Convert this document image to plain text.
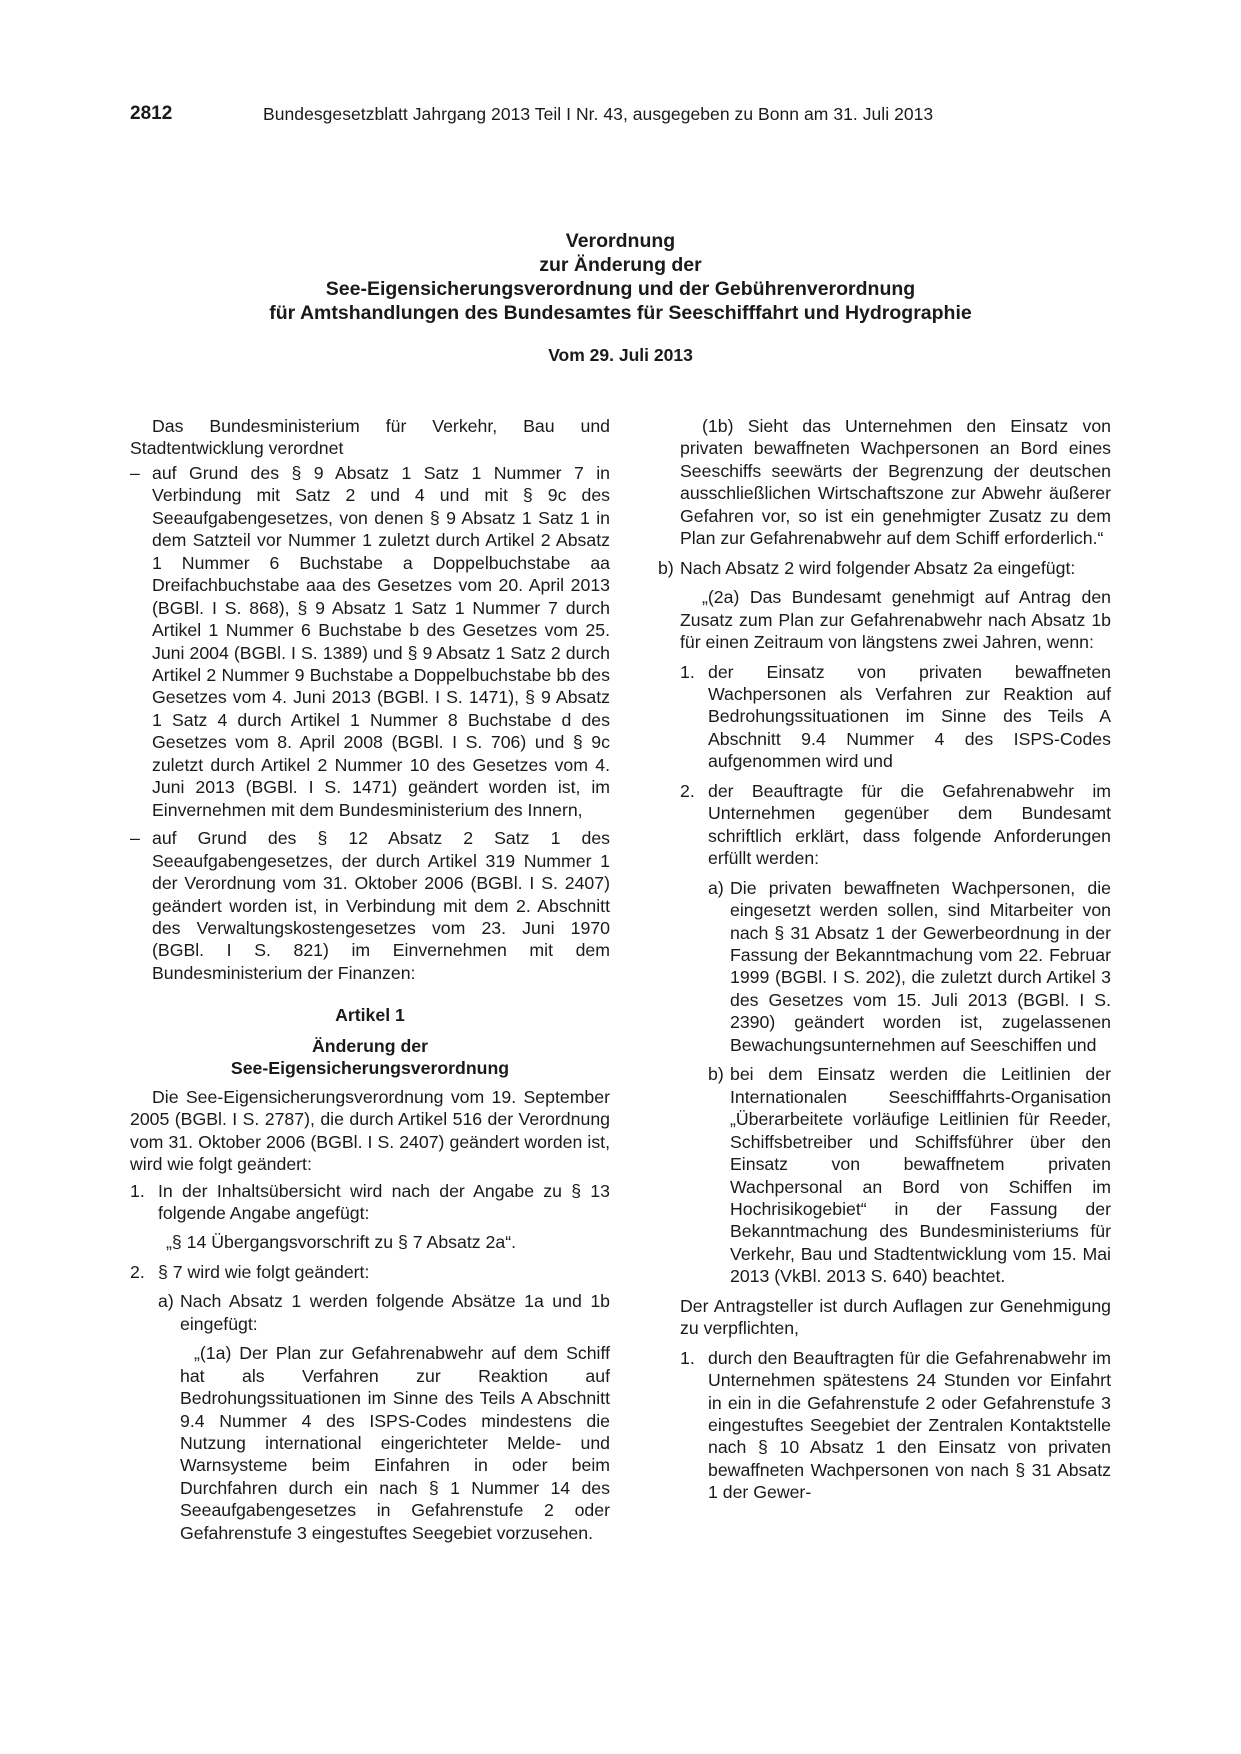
2812	Bundesgesetzblatt Jahrgang 2013 Teil I Nr. 43, ausgegeben zu Bonn am 31. Juli 2013
Verordnung
zur Änderung der
See-Eigensicherungsverordnung und der Gebührenverordnung
für Amtshandlungen des Bundesamtes für Seeschifffahrt und Hydrographie
Vom 29. Juli 2013

Das Bundesministerium für Verkehr, Bau und Stadtentwicklung verordnet

– auf Grund des § 9 Absatz 1 Satz 1 Nummer 7 in Verbindung mit Satz 2 und 4 und mit § 9c des Seeaufgabengesetzes, von denen § 9 Absatz 1 Satz 1 in dem Satzteil vor Nummer 1 zuletzt durch Artikel 2 Absatz 1 Nummer 6 Buchstabe a Doppelbuchstabe aa Dreifachbuchstabe aaa des Gesetzes vom 20. April 2013 (BGBl. I S. 868), § 9 Absatz 1 Satz 1 Nummer 7 durch Artikel 1 Nummer 6 Buchstabe b des Gesetzes vom 25. Juni 2004 (BGBl. I S. 1389) und § 9 Absatz 1 Satz 2 durch Artikel 2 Nummer 9 Buchstabe a Doppelbuchstabe bb des Gesetzes vom 4. Juni 2013 (BGBl. I S. 1471), § 9 Absatz 1 Satz 4 durch Artikel 1 Nummer 8 Buchstabe d des Gesetzes vom 8. April 2008 (BGBl. I S. 706) und § 9c zuletzt durch Artikel 2 Nummer 10 des Gesetzes vom 4. Juni 2013 (BGBl. I S. 1471) geändert worden ist, im Einvernehmen mit dem Bundesministerium des Innern,
– auf Grund des § 12 Absatz 2 Satz 1 des Seeaufgabengesetzes, der durch Artikel 319 Nummer 1 der Verordnung vom 31. Oktober 2006 (BGBl. I S. 2407) geändert worden ist, in Verbindung mit dem 2. Abschnitt des Verwaltungskostengesetzes vom 23. Juni 1970 (BGBl. I S. 821) im Einvernehmen mit dem Bundesministerium der Finanzen:

Artikel 1

Änderung der

See-Eigensicherungsverordnung

Die See-Eigensicherungsverordnung vom 19. September 2005 (BGBl. I S. 2787), die durch Artikel 516 der Verordnung vom 31. Oktober 2006 (BGBl. I S. 2407) geändert worden ist, wird wie folgt geändert:

1. In der Inhaltsübersicht wird nach der Angabe zu § 13 folgende Angabe angefügt:

„§ 14 Übergangsvorschrift zu § 7 Absatz 2a“.

2. § 7 wird wie folgt geändert:
a) Nach Absatz 1 werden folgende Absätze 1a und 1b eingefügt:

„(1a) Der Plan zur Gefahrenabwehr auf dem Schiff hat als Verfahren zur Reaktion auf Bedrohungssituationen im Sinne des Teils A Abschnitt 9.4 Nummer 4 des ISPS-Codes mindestens die Nutzung international eingerichteter Melde- und Warnsysteme beim Einfahren in oder beim Durchfahren durch ein nach § 1 Nummer 14 des Seeaufgabengesetzes in Gefahrenstufe 2 oder Gefahrenstufe 3 eingestuftes Seegebiet vorzusehen.

(1b) Sieht das Unternehmen den Einsatz von privaten bewaffneten Wachpersonen an Bord eines Seeschiffs seewärts der Begrenzung der deutschen ausschließlichen Wirtschaftszone zur Abwehr äußerer Gefahren vor, so ist ein genehmigter Zusatz zu dem Plan zur Gefahrenabwehr auf dem Schiff erforderlich.“

b) Nach Absatz 2 wird folgender Absatz 2a eingefügt:

„(2a) Das Bundesamt genehmigt auf Antrag den Zusatz zum Plan zur Gefahrenabwehr nach Absatz 1b für einen Zeitraum von längstens zwei Jahren, wenn:

1. der Einsatz von privaten bewaffneten Wachpersonen als Verfahren zur Reaktion auf Bedrohungssituationen im Sinne des Teils A Abschnitt 9.4 Nummer 4 des ISPS-Codes aufgenommen wird und
2. der Beauftragte für die Gefahrenabwehr im Unternehmen gegenüber dem Bundesamt schriftlich erklärt, dass folgende Anforderungen erfüllt werden:
a) Die privaten bewaffneten Wachpersonen, die eingesetzt werden sollen, sind Mitarbeiter von nach § 31 Absatz 1 der Gewerbeordnung in der Fassung der Bekanntmachung vom 22. Februar 1999 (BGBl. I S. 202), die zuletzt durch Artikel 3 des Gesetzes vom 15. Juli 2013 (BGBl. I S. 2390) geändert worden ist, zugelassenen Bewachungsunternehmen auf Seeschiffen und
b) bei dem Einsatz werden die Leitlinien der Internationalen Seeschifffahrts-Organisation „Überarbeitete vorläufige Leitlinien für Reeder, Schiffsbetreiber und Schiffsführer über den Einsatz von bewaffnetem privaten Wachpersonal an Bord von Schiffen im Hochrisikogebiet“ in der Fassung der Bekanntmachung des Bundesministeriums für Verkehr, Bau und Stadtentwicklung vom 15. Mai 2013 (VkBl. 2013 S. 640) beachtet.

Der Antragsteller ist durch Auflagen zur Genehmigung zu verpflichten,

1. durch den Beauftragten für die Gefahrenabwehr im Unternehmen spätestens 24 Stunden vor Einfahrt in ein in die Gefahrenstufe 2 oder Gefahrenstufe 3 eingestuftes Seegebiet der Zentralen Kontaktstelle nach § 10 Absatz 1 den Einsatz von privaten bewaffneten Wachpersonen von nach § 31 Absatz 1 der Gewer-
